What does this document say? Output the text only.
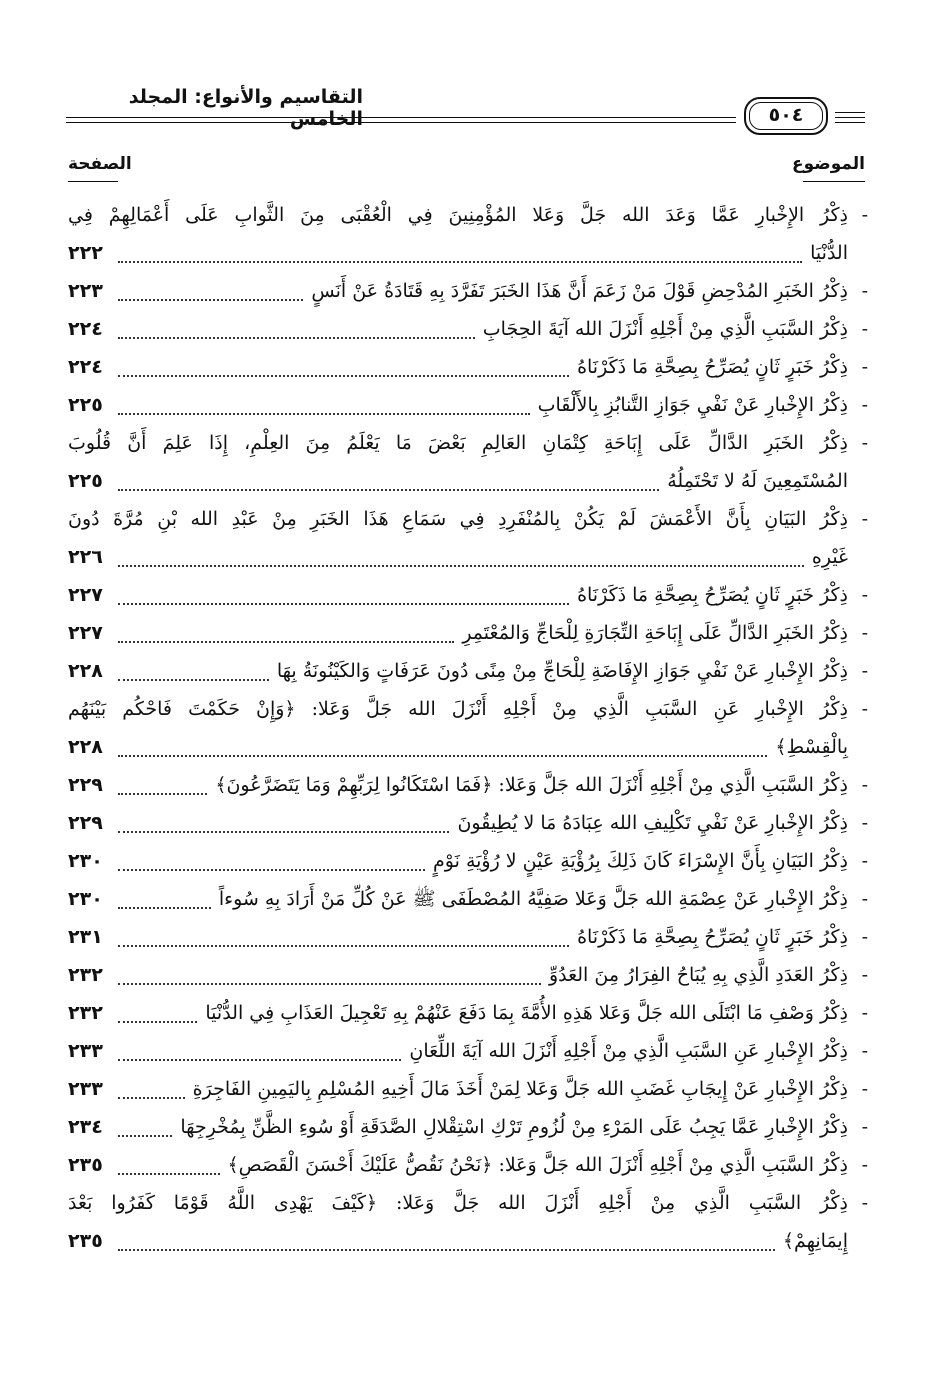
التقاسيم والأنواع: المجلد الخامس	٥٠٤
الموضوع
الصفحة
-
ذِكْرُ الإِخْبارِ عَمَّا وَعَدَ الله جَلَّ وَعَلا المُؤْمِنِينَ فِي الْعُقْبَى مِنَ الثَّوابِ عَلَى أَعْمَالِهِمْ فِي
الدُّنْيَا
٢٢٢
-
ذِكْرُ الخَبَرِ المُدْحِضِ قَوْلَ مَنْ زَعَمَ أَنَّ هَذَا الخَبَرَ تَفَرَّدَ بِهِ قَتَادَةُ عَنْ أَنَسٍ
٢٢٣
-
ذِكْرُ السَّبَبِ الَّذِي مِنْ أَجْلِهِ أَنْزَلَ الله آيَةَ الحِجَابِ
٢٢٤
-
ذِكْرُ خَبَرٍ ثَانٍ يُصَرِّحُ بِصِحَّةِ مَا ذَكَرْنَاهُ
٢٢٤
-
ذِكْرُ الإِخْبارِ عَنْ نَفْيِ جَوَازِ التَّنابُزِ بِالأَلْقَابِ
٢٢٥
-
ذِكْرُ الخَبَرِ الدَّالِّ عَلَى إِبَاحَةِ كِتْمَانِ العَالِمِ بَعْضَ مَا يَعْلَمُ مِنَ العِلْمِ، إِذَا عَلِمَ أَنَّ قُلُوبَ
المُسْتَمِعِينَ لَهُ لا تَحْتَمِلُهُ
٢٢٥
-
ذِكْرُ البَيَانِ بِأَنَّ الأَعْمَشَ لَمْ يَكُنْ بِالمُنْفَرِدِ فِي سَمَاعِ هَذَا الخَبَرِ مِنْ عَبْدِ الله بْنِ مُرَّةَ دُونَ
غَيْرِهِ
٢٢٦
-
ذِكْرُ خَبَرٍ ثَانٍ يُصَرِّحُ بِصِحَّةِ مَا ذَكَرْنَاهُ
٢٢٧
-
ذِكْرُ الخَبَرِ الدَّالِّ عَلَى إِبَاحَةِ التِّجَارَةِ لِلْحَاجِّ وَالمُعْتَمِرِ
٢٢٧
-
ذِكْرُ الإِخْبارِ عَنْ نَفْيِ جَوَازِ الإِفَاضَةِ لِلْحَاجِّ مِنْ مِنًى دُونَ عَرَفَاتٍ وَالكَيْنُونَةُ بِهَا
٢٢٨
-
ذِكْرُ الإِخْبارِ عَنِ السَّبَبِ الَّذِي مِنْ أَجْلِهِ أَنْزَلَ الله جَلَّ وَعَلا: ﴿وَإِنْ حَكَمْتَ فَاحْكُم بَيْنَهُم
بِالْقِسْطِ﴾
٢٢٨
-
ذِكْرُ السَّبَبِ الَّذِي مِنْ أَجْلِهِ أَنْزَلَ الله جَلَّ وَعَلا: ﴿فَمَا اسْتَكَانُوا لِرَبِّهِمْ وَمَا يَتَضَرَّعُونَ﴾
٢٢٩
-
ذِكْرُ الإِخْبارِ عَنْ نَفْيِ تَكْلِيفِ الله عِبَادَهُ مَا لا يُطِيقُونَ
٢٢٩
-
ذِكْرُ البَيَانِ بِأَنَّ الإِسْرَاءَ كَانَ ذَلِكَ بِرُؤْيَةِ عَيْنٍ لا رُؤْيَةِ نَوْمٍ
٢٣٠
-
ذِكْرُ الإِخْبارِ عَنْ عِصْمَةِ الله جَلَّ وَعَلا صَفِيَّهُ المُصْطَفَى ﷺ عَنْ كُلِّ مَنْ أَرَادَ بِهِ سُوءاً
٢٣٠
-
ذِكْرُ خَبَرٍ ثَانٍ يُصَرِّحُ بِصِحَّةِ مَا ذَكَرْنَاهُ
٢٣١
-
ذِكْرُ العَدَدِ الَّذِي بِهِ يُبَاحُ الفِرَارُ مِنَ العَدُوِّ
٢٣٢
-
ذِكْرُ وَصْفِ مَا ابْتَلَى الله جَلَّ وَعَلا هَذِهِ الأُمَّةَ بِمَا دَفَعَ عَنْهُمْ بِهِ تَعْجِيلَ العَذَابِ فِي الدُّنْيَا
٢٣٢
-
ذِكْرُ الإِخْبارِ عَنِ السَّبَبِ الَّذِي مِنْ أَجْلِهِ أَنْزَلَ الله آيَةَ اللِّعَانِ
٢٣٣
-
ذِكْرُ الإِخْبارِ عَنْ إِيجَابِ غَضَبِ الله جَلَّ وَعَلا لِمَنْ أَخَذَ مَالَ أَخِيهِ المُسْلِمِ بِاليَمِينِ الفَاجِرَةِ
٢٣٣
-
ذِكْرُ الإِخْبارِ عَمَّا يَجِبُ عَلَى المَرْءِ مِنْ لُزُومِ تَرْكِ اسْتِقْلالِ الصَّدَقَةِ أَوْ سُوءِ الظَّنِّ بِمُخْرِجِهَا
٢٣٤
-
ذِكْرُ السَّبَبِ الَّذِي مِنْ أَجْلِهِ أَنْزَلَ الله جَلَّ وَعَلا: ﴿نَحْنُ نَقُصُّ عَلَيْكَ أَحْسَنَ الْقَصَصِ﴾
٢٣٥
-
ذِكْرُ السَّبَبِ الَّذِي مِنْ أَجْلِهِ أَنْزَلَ الله جَلَّ وَعَلا: ﴿كَيْفَ يَهْدِى اللَّهُ قَوْمًا كَفَرُوا بَعْدَ
إِيمَانِهِمْ﴾
٢٣٥
